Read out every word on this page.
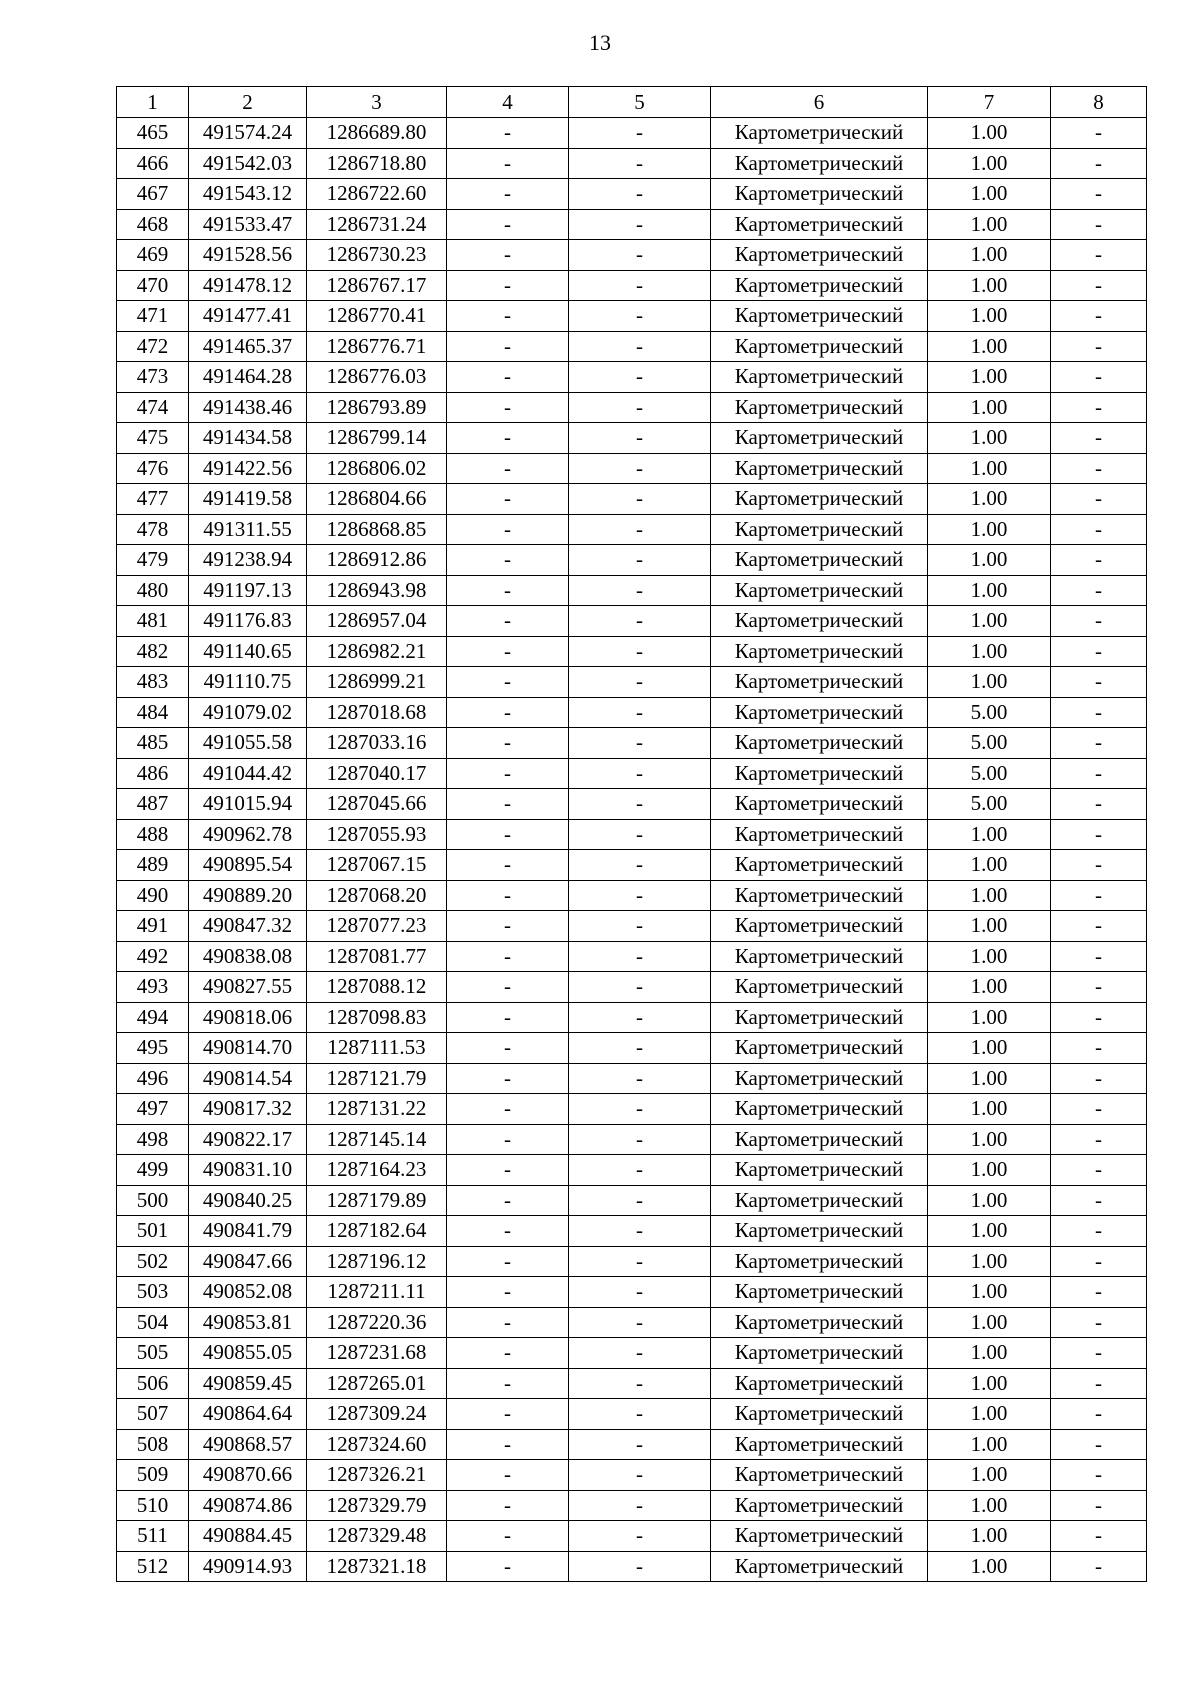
13
1	2	3	4	5	6	7	8
465	491574.24	1286689.80	-	-	Картометрический	1.00	-
466	491542.03	1286718.80	-	-	Картометрический	1.00	-
467	491543.12	1286722.60	-	-	Картометрический	1.00	-
468	491533.47	1286731.24	-	-	Картометрический	1.00	-
469	491528.56	1286730.23	-	-	Картометрический	1.00	-
470	491478.12	1286767.17	-	-	Картометрический	1.00	-
471	491477.41	1286770.41	-	-	Картометрический	1.00	-
472	491465.37	1286776.71	-	-	Картометрический	1.00	-
473	491464.28	1286776.03	-	-	Картометрический	1.00	-
474	491438.46	1286793.89	-	-	Картометрический	1.00	-
475	491434.58	1286799.14	-	-	Картометрический	1.00	-
476	491422.56	1286806.02	-	-	Картометрический	1.00	-
477	491419.58	1286804.66	-	-	Картометрический	1.00	-
478	491311.55	1286868.85	-	-	Картометрический	1.00	-
479	491238.94	1286912.86	-	-	Картометрический	1.00	-
480	491197.13	1286943.98	-	-	Картометрический	1.00	-
481	491176.83	1286957.04	-	-	Картометрический	1.00	-
482	491140.65	1286982.21	-	-	Картометрический	1.00	-
483	491110.75	1286999.21	-	-	Картометрический	1.00	-
484	491079.02	1287018.68	-	-	Картометрический	5.00	-
485	491055.58	1287033.16	-	-	Картометрический	5.00	-
486	491044.42	1287040.17	-	-	Картометрический	5.00	-
487	491015.94	1287045.66	-	-	Картометрический	5.00	-
488	490962.78	1287055.93	-	-	Картометрический	1.00	-
489	490895.54	1287067.15	-	-	Картометрический	1.00	-
490	490889.20	1287068.20	-	-	Картометрический	1.00	-
491	490847.32	1287077.23	-	-	Картометрический	1.00	-
492	490838.08	1287081.77	-	-	Картометрический	1.00	-
493	490827.55	1287088.12	-	-	Картометрический	1.00	-
494	490818.06	1287098.83	-	-	Картометрический	1.00	-
495	490814.70	1287111.53	-	-	Картометрический	1.00	-
496	490814.54	1287121.79	-	-	Картометрический	1.00	-
497	490817.32	1287131.22	-	-	Картометрический	1.00	-
498	490822.17	1287145.14	-	-	Картометрический	1.00	-
499	490831.10	1287164.23	-	-	Картометрический	1.00	-
500	490840.25	1287179.89	-	-	Картометрический	1.00	-
501	490841.79	1287182.64	-	-	Картометрический	1.00	-
502	490847.66	1287196.12	-	-	Картометрический	1.00	-
503	490852.08	1287211.11	-	-	Картометрический	1.00	-
504	490853.81	1287220.36	-	-	Картометрический	1.00	-
505	490855.05	1287231.68	-	-	Картометрический	1.00	-
506	490859.45	1287265.01	-	-	Картометрический	1.00	-
507	490864.64	1287309.24	-	-	Картометрический	1.00	-
508	490868.57	1287324.60	-	-	Картометрический	1.00	-
509	490870.66	1287326.21	-	-	Картометрический	1.00	-
510	490874.86	1287329.79	-	-	Картометрический	1.00	-
511	490884.45	1287329.48	-	-	Картометрический	1.00	-
512	490914.93	1287321.18	-	-	Картометрический	1.00	-
